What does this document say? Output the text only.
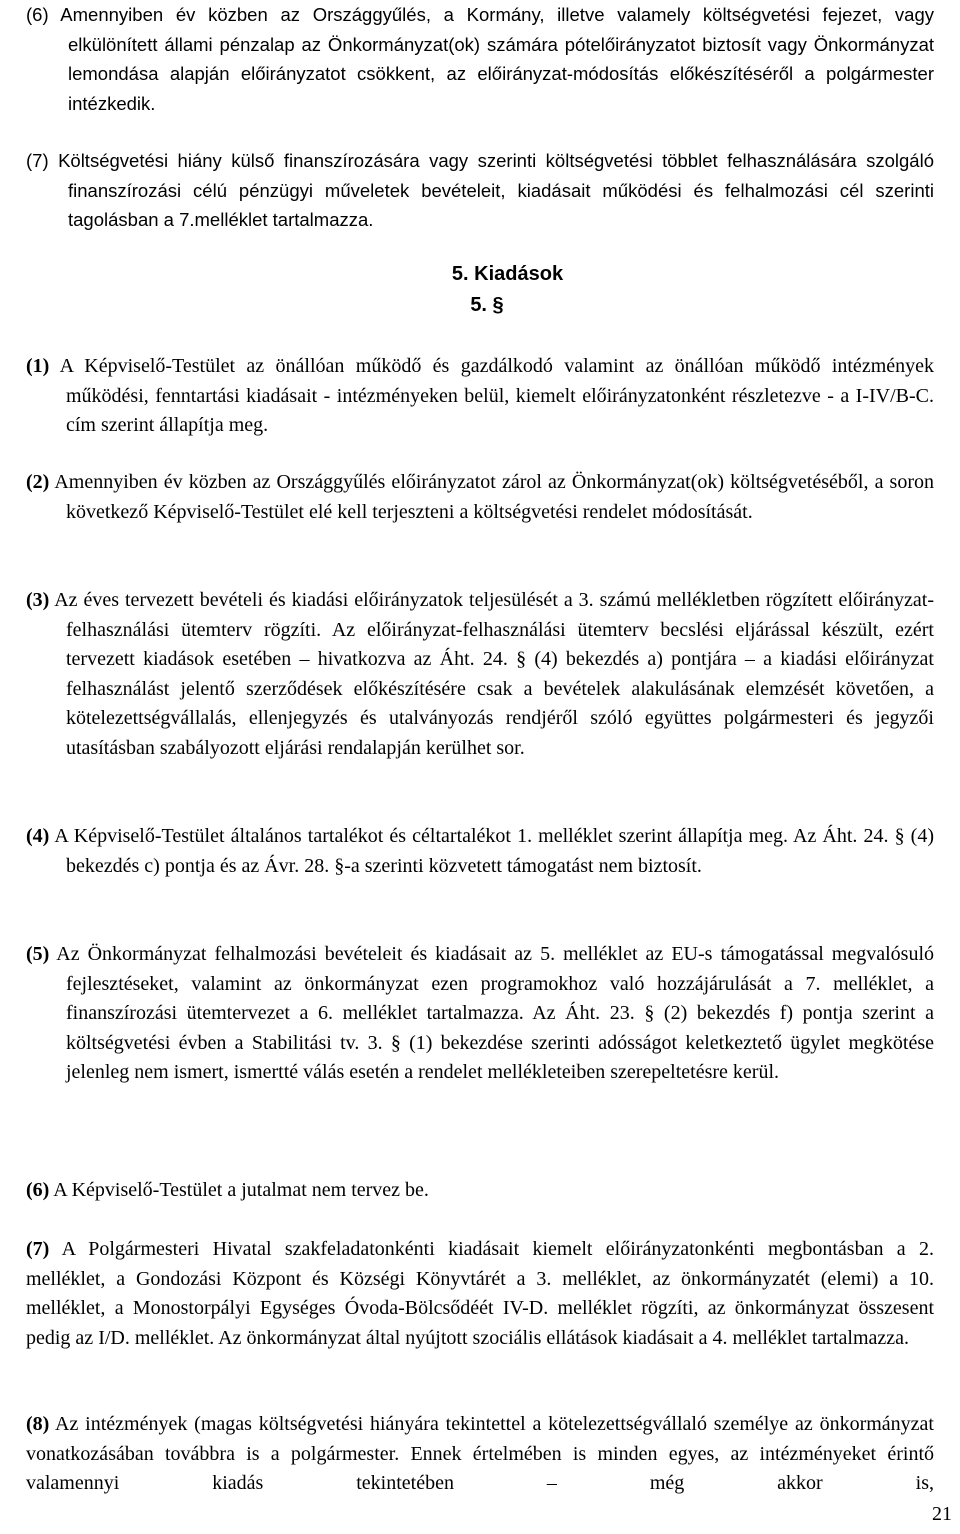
(6) Amennyiben év közben az Országgyűlés, a Kormány, illetve valamely költségvetési fejezet, vagy elkülönített állami pénzalap az Önkormányzat(ok) számára pótelőirányzatot biztosít vagy Önkormányzat lemondása alapján előirányzatot csökkent, az előirányzat-módosítás előkészítéséről a polgármester intézkedik.

(7) Költségvetési hiány külső finanszírozására vagy szerinti költségvetési többlet felhasználására szolgáló finanszírozási célú pénzügyi műveletek bevételeit, kiadásait működési és felhalmozási cél szerinti tagolásban a 7.melléklet tartalmazza.

5. Kiadások
5. §

(1) A Képviselő-Testület az önállóan működő és gazdálkodó valamint az önállóan működő intézmények működési, fenntartási kiadásait - intézményeken belül, kiemelt előirányzatonként részletezve - a I-IV/B-C. cím szerint állapítja meg.

(2) Amennyiben év közben az Országgyűlés előirányzatot zárol az Önkormányzat(ok) költségvetéséből, a soron következő Képviselő-Testület elé kell terjeszteni a költségvetési rendelet módosítását.

(3) Az éves tervezett bevételi és kiadási előirányzatok teljesülését a 3. számú mellékletben rögzített előirányzat-felhasználási ütemterv rögzíti. Az előirányzat-felhasználási ütemterv becslési eljárással készült, ezért tervezett kiadások esetében – hivatkozva az Áht. 24. § (4) bekezdés a) pontjára – a kiadási előirányzat felhasználást jelentő szerződések előkészítésére csak a bevételek alakulásának elemzését követően, a kötelezettségvállalás, ellenjegyzés és utalványozás rendjéről szóló együttes polgármesteri és jegyzői utasításban szabályozott eljárási rendalapján kerülhet sor.

(4) A Képviselő-Testület általános tartalékot és céltartalékot 1. melléklet szerint állapítja meg. Az Áht. 24. § (4) bekezdés c) pontja és az Ávr. 28. §-a szerinti közvetett támogatást nem biztosít.

(5) Az Önkormányzat felhalmozási bevételeit és kiadásait az 5. melléklet az EU-s támogatással megvalósuló fejlesztéseket, valamint az önkormányzat ezen programokhoz való hozzájárulását a 7. melléklet, a finanszírozási ütemtervezet a 6. melléklet tartalmazza. Az Áht. 23. § (2) bekezdés f) pontja szerint a költségvetési évben a Stabilitási tv. 3. § (1) bekezdése szerinti adósságot keletkeztető ügylet megkötése jelenleg nem ismert, ismertté válás esetén a rendelet mellékleteiben szerepeltetésre kerül.

(6) A Képviselő-Testület a jutalmat nem tervez be.

(7) A Polgármesteri Hivatal szakfeladatonkénti kiadásait kiemelt előirányzatonkénti megbontásban a 2. melléklet, a Gondozási Központ és Községi Könyvtárét a 3. melléklet, az önkormányzatét (elemi) a 10. melléklet, a Monostorpályi Egységes Óvoda-Bölcsődéét IV-D. melléklet rögzíti, az önkormányzat összesent pedig az I/D. melléklet. Az önkormányzat által nyújtott szociális ellátások kiadásait a 4. melléklet tartalmazza.

(8) Az intézmények (magas költségvetési hiányára tekintettel a kötelezettségvállaló személye az önkormányzat vonatkozásában továbbra is a polgármester. Ennek értelmében is minden egyes, az intézményeket érintő valamennyi kiadás tekintetében – még akkor is,

21
